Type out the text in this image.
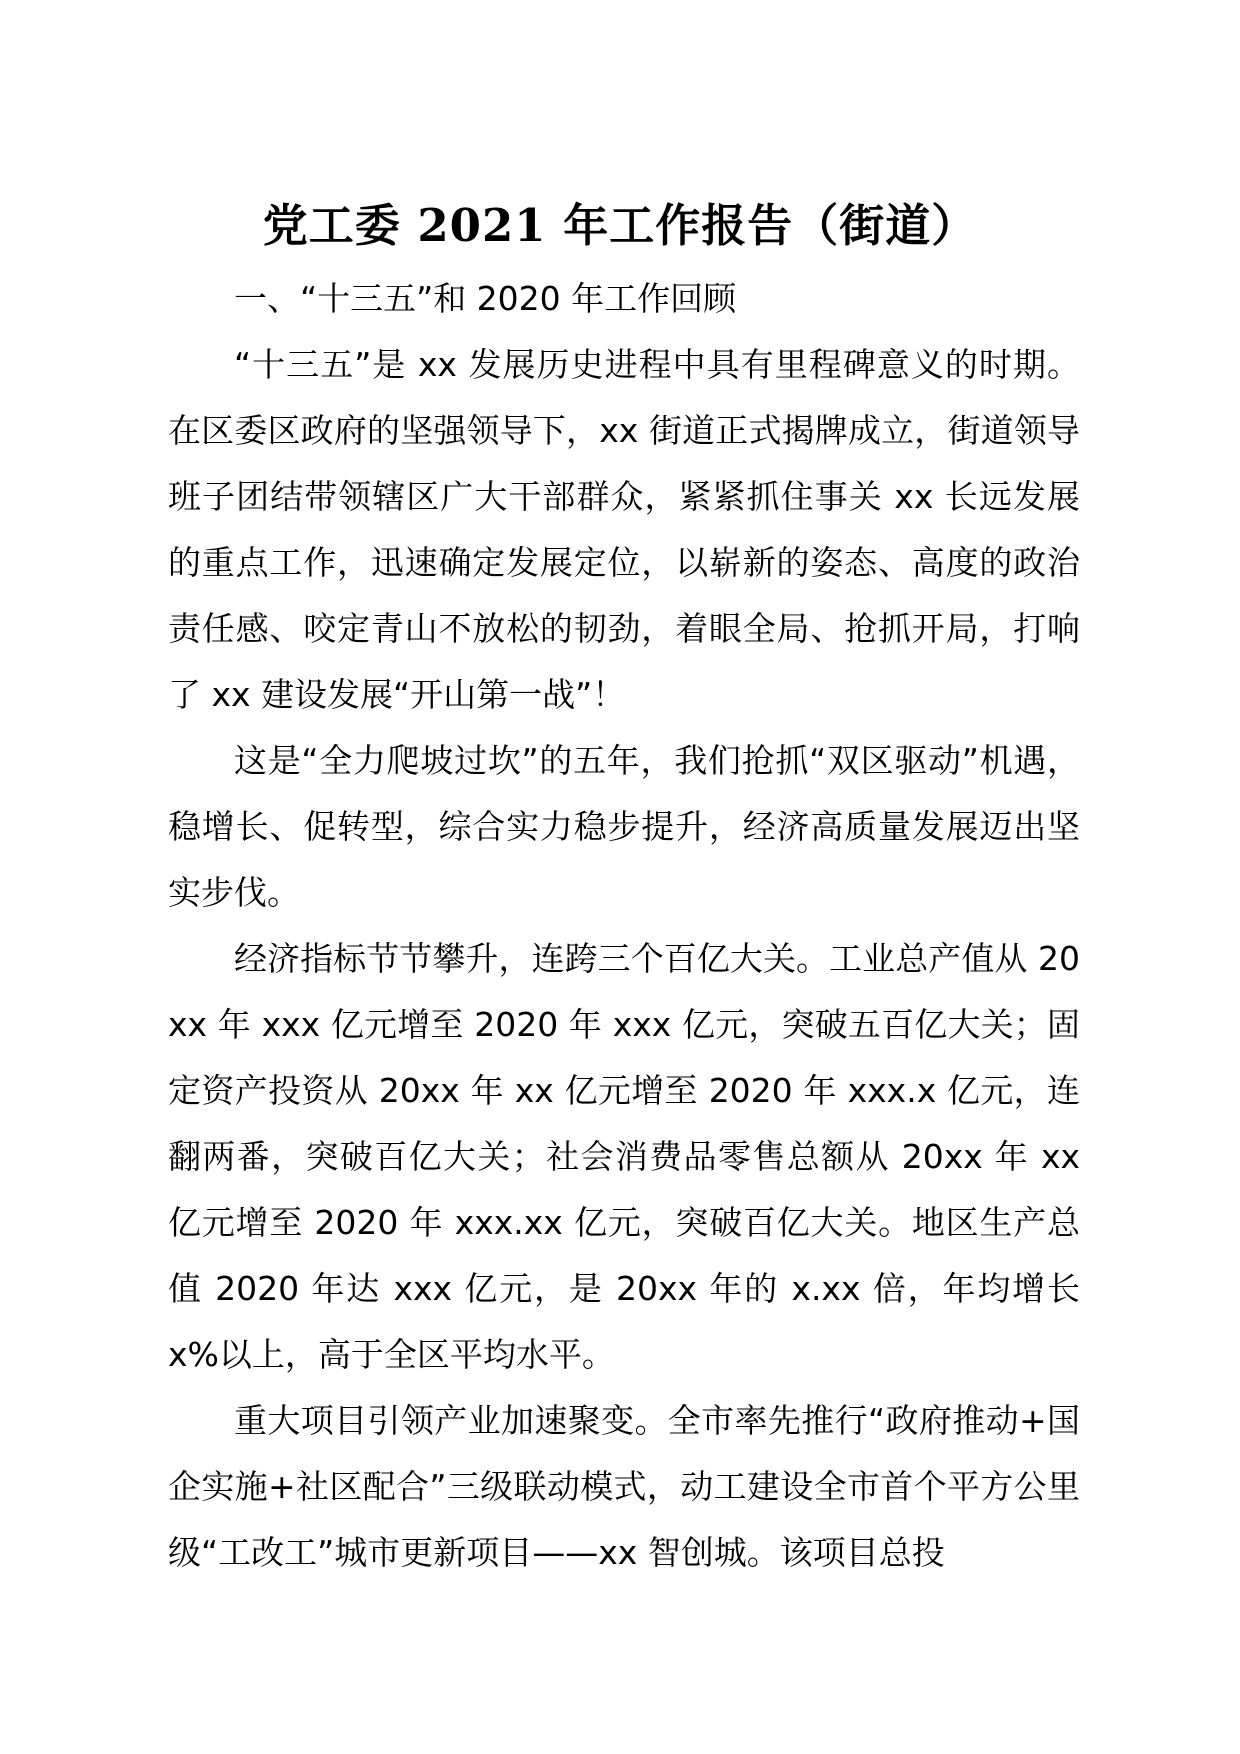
党工委 2021 年工作报告（街道）
一、“十三五”和 2020 年工作回顾

“十三五”是 xx 发展历史进程中具有里程碑意义的时期。在区委区政府的坚强领导下，xx 街道正式揭牌成立，街道领导班子团结带领辖区广大干部群众，紧紧抓住事关 xx 长远发展的重点工作，迅速确定发展定位，以崭新的姿态、高度的政治责任感、咬定青山不放松的韧劲，着眼全局、抢抓开局，打响了 xx 建设发展“开山第一战”！

这是“全力爬坡过坎”的五年，我们抢抓“双区驱动”机遇，稳增长、促转型，综合实力稳步提升，经济高质量发展迈出坚实步伐。

经济指标节节攀升，连跨三个百亿大关。工业总产值从 20xx 年 xxx 亿元增至 2020 年 xxx 亿元，突破五百亿大关；固定资产投资从 20xx 年 xx 亿元增至 2020 年 xxx.x 亿元，连翻两番，突破百亿大关；社会消费品零售总额从 20xx 年 xx 亿元增至 2020 年 xxx.xx 亿元，突破百亿大关。地区生产总值 2020 年达 xxx 亿元，是 20xx 年的 x.xx 倍，年均增长 x%以上，高于全区平均水平。

重大项目引领产业加速聚变。全市率先推行“政府推动+国企实施+社区配合”三级联动模式，动工建设全市首个平方公里级“工改工”城市更新项目——xx 智创城。该项目总投
